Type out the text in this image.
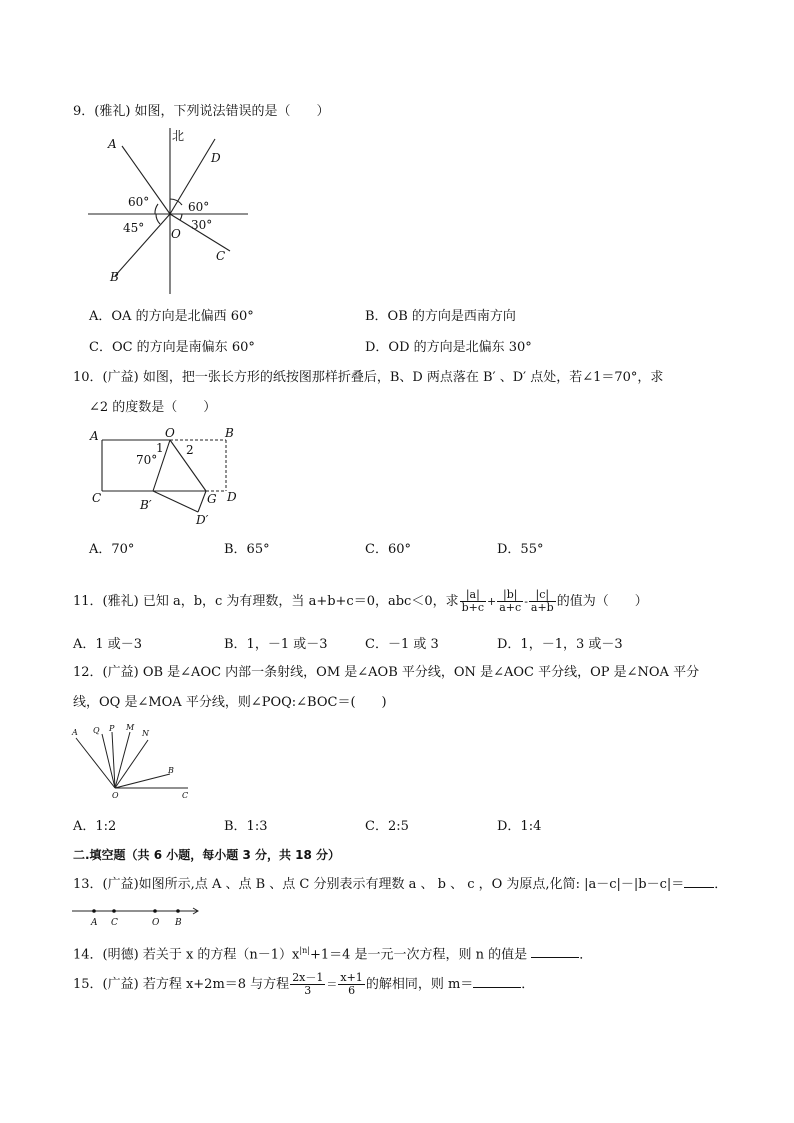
9．(雅礼) 如图，下列说法错误的是（　　）
北
A
B
C
D
O
60°	60°
45°	30°
A．OA 的方向是北偏西 60°	B．OB 的方向是西南方向
C．OC 的方向是南偏东 60°	D．OD 的方向是北偏东 30°
10．(广益) 如图，把一张长方形的纸按图那样折叠后，B、D 两点落在 B′ 、D′ 点处，若∠1＝70°，求
∠2 的度数是（　　）
A	O	B
C	D
B′
D′
G
1 2
70°
A．70°	B．65°	C．60°	D．55°
11．(雅礼) 已知 a，b，c 为有理数，当 a+b+c＝0，abc＜0，求 $\frac{|a|}{b+c} + \frac{|b|}{a+c} - \frac{|c|}{a+b}$ 的值为（　　）
A．1 或－3	B．1，－1 或－3	C．－1 或 3	D．1，－1，3 或－3
12．(广益) OB 是∠AOC 内部一条射线，OM 是∠AOB 平分线，ON 是∠AOC 平分线，OP 是∠NOA 平分
线，OQ 是∠MOA 平分线，则∠POQ:∠BOC＝(　　)
A Q P M
N
B
O	C
A．1:2	B．1:3	C．2:5	D．1:4
二.填空题（共 6 小题，每小题 3 分，共 18 分）
13．(广益)如图所示,点 A 、点 B 、点 C 分别表示有理数 a 、 b 、 c ，O 为原点,化简: |a－c|－|b－c|＝ ．
A C	O B
14．(明德) 若关于 x 的方程$(n-1)x^{|n|}+1=4$ 是一元一次方程，则 n 的值是	．
15．(广益) 若方程 x+2m＝8 与方程 $\frac{2x-1}{3} = \frac{x+1}{6}$ 的解相同，则 m＝	．
